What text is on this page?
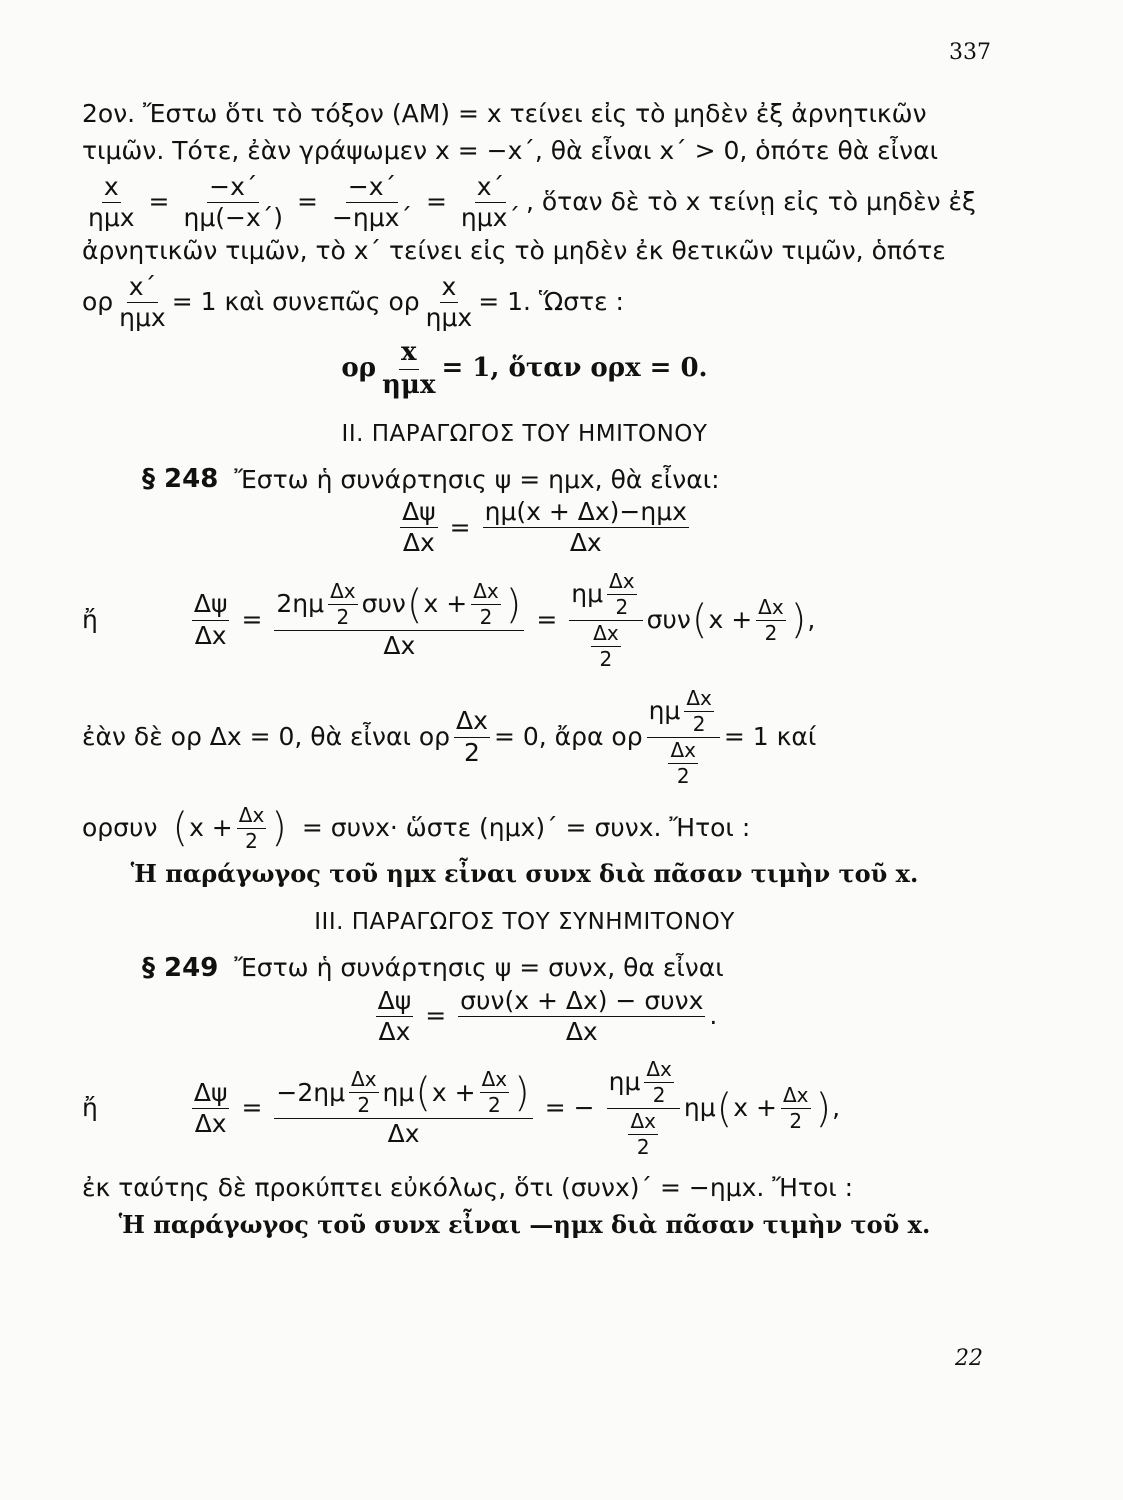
337

2ον. Ἔστω ὅτι τὸ τόξον (ΑΜ) = x τείνει εἰς τὸ μηδὲν ἐξ ἀρνητικῶν

τιμῶν. Τότε, ἐὰν γράψωμεν x = −x΄, θὰ εἶναι x΄ > 0, ὁπότε θὰ εἶναι

$\frac{x}{\text{ημx}} = \frac{-x΄}{\eta\mu(-x΄)} = \frac{-x΄}{\text{−ημx΄}} = \frac{x΄}{\text{ημx΄}}$ , ὅταν δὲ τὸ x τείνῃ εἰς τὸ μηδὲν ἐξ

ἀρνητικῶν τιμῶν, τὸ x΄ τείνει εἰς τὸ μηδὲν ἐκ θετικῶν τιμῶν, ὁπότε

ορ $\frac{x΄}{\text{ημx}} = 1$ καὶ συνεπῶς ορ $\frac{x}{\text{ημx}} = 1$. Ὥστε :
ορ $\frac{x}{\text{ημx}} = 1$, ὅταν ορx = 0.
II. ΠΑΡΑΓΩΓΟΣ ΤΟΥ ΗΜΙΤΟΝΟΥ
§ 248 Ἔστω ἡ συνάρτησις ψ = ημx, θὰ εἶναι:
$\frac{\Delta\psi}{\Delta x} = \frac{\text{ημ(x + Δx)−ημx}}{\Delta x}$
ἤ	$\frac{\Delta\psi}{\Delta x} = \frac{2\eta\mu \frac{\Delta x}{2} \sigma\upsilon\nu ( x + \frac{\Delta x}{2} )}{\Delta x} = \frac{\eta\mu \frac{\Delta x}{2}}{\frac{\Delta x}{2}}$ συν ( $x + \frac{\Delta x}{2}$ ) ,
ἐὰν δὲ ορ Δx = 0, θὰ εἶναι ορ $\frac{\Delta x}{2} = 0$, ἄρα ορ $\frac{\eta\mu \frac{\Delta x}{2}}{\frac{\Delta x}{2}} = 1$ καί
ορσυν ( $x + \frac{\Delta x}{2}$ ) = συνx· ὥστε (ημx)΄ = συνx. Ἤτοι :
Ἡ παράγωγος τοῦ ημx εἶναι συνx διὰ πᾶσαν τιμὴν τοῦ x.
III. ΠΑΡΑΓΩΓΟΣ ΤΟΥ ΣΥΝΗΜΙΤΟΝΟΥ
§ 249 Ἔστω ἡ συνάρτησις ψ = συνx, θα εἶναι
$\frac{\Delta\psi}{\Delta x} = \frac{\text{συν(x + Δx) − συνx}}{\Delta x}$ .
ἤ	$\frac{\Delta\psi}{\Delta x} = \frac{-2\eta\mu \frac{\Delta x}{2} \eta\mu ( x + \frac{\Delta x}{2} )}{\Delta x}$ = − $\frac{\eta\mu \frac{\Delta x}{2}}{\frac{\Delta x}{2}}$ ημ ( $x + \frac{\Delta x}{2}$ ) ,

ἐκ ταύτης δὲ προκύπτει εὐκόλως, ὅτι (συνx)΄ = −ημx. Ἤτοι :

Ἡ παράγωγος τοῦ συνx εἶναι —ημx διὰ πᾶσαν τιμὴν τοῦ x.
22
